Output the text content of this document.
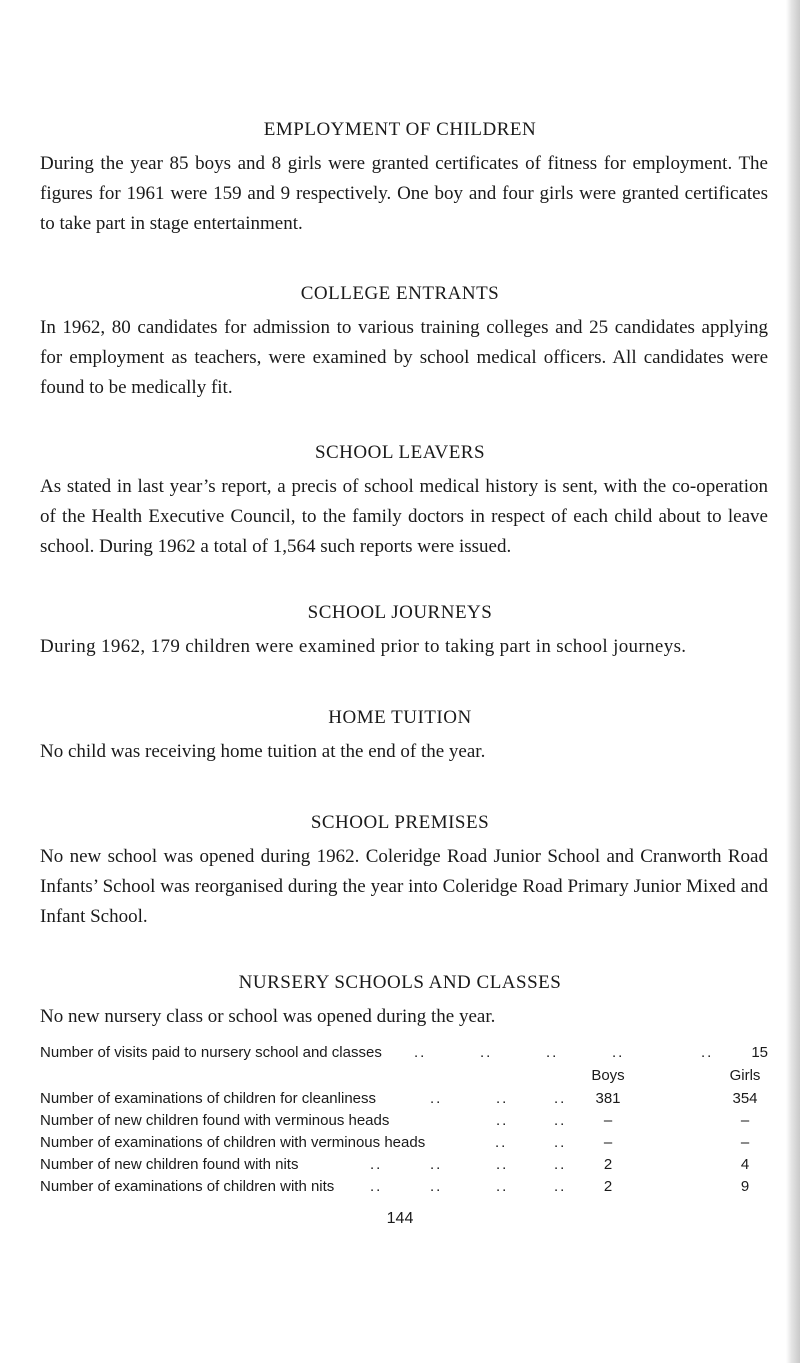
EMPLOYMENT OF CHILDREN
During the year 85 boys and 8 girls were granted certificates of fitness for employment. The figures for 1961 were 159 and 9 respectively. One boy and four girls were granted certificates to take part in stage entertainment.
COLLEGE ENTRANTS
In 1962, 80 candidates for admission to various training colleges and 25 candidates applying for employment as teachers, were examined by school medical officers. All candidates were found to be medically fit.
SCHOOL LEAVERS
As stated in last year’s report, a precis of school medical history is sent, with the co-operation of the Health Executive Council, to the family doctors in respect of each child about to leave school. During 1962 a total of 1,564 such reports were issued.
SCHOOL JOURNEYS
During 1962, 179 children were examined prior to taking part in school journeys.
HOME TUITION
No child was receiving home tuition at the end of the year.
SCHOOL PREMISES
No new school was opened during 1962. Coleridge Road Junior School and Cranworth Road Infants’ School was reorganised during the year into Coleridge Road Primary Junior Mixed and Infant School.
NURSERY SCHOOLS AND CLASSES
No new nursery class or school was opened during the year.
Number of visits paid to nursery school and classes ..	..	..	..	..	15
Boys	Girls
Number of examinations of children for cleanliness	..	..	..	381	354
Number of new children found with verminous heads	..	..	–	–
Number of examinations of children with verminous heads	..	..	–	–
Number of new children found with nits	..	..	..	..	2	4
Number of examinations of children with nits ..	..	..	..	2	9
144
